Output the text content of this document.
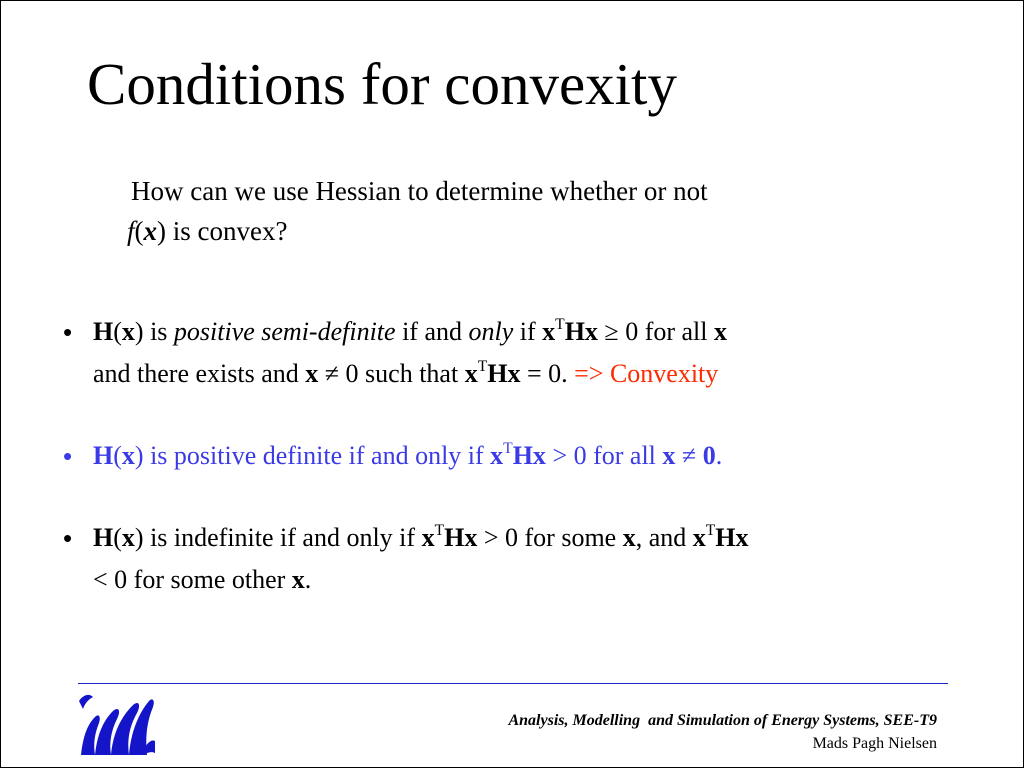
Conditions for convexity
How can we use Hessian to determine whether or not
f(x) is convex?
• H(x) is positive semi-definite if and only if $x^THx \ge 0$ for all x
and there exists and x ≠ 0 such that $x^THx = 0$. => Convexity
• H(x) is positive definite if and only if $x^THx > 0$ for all x ≠ 0.
• H(x) is indefinite if and only if $x^THx > 0$ for some x, and $x^THx$
< 0 for some other x.
Analysis, Modelling  and Simulation of Energy Systems, SEE-T9
Mads Pagh Nielsen
